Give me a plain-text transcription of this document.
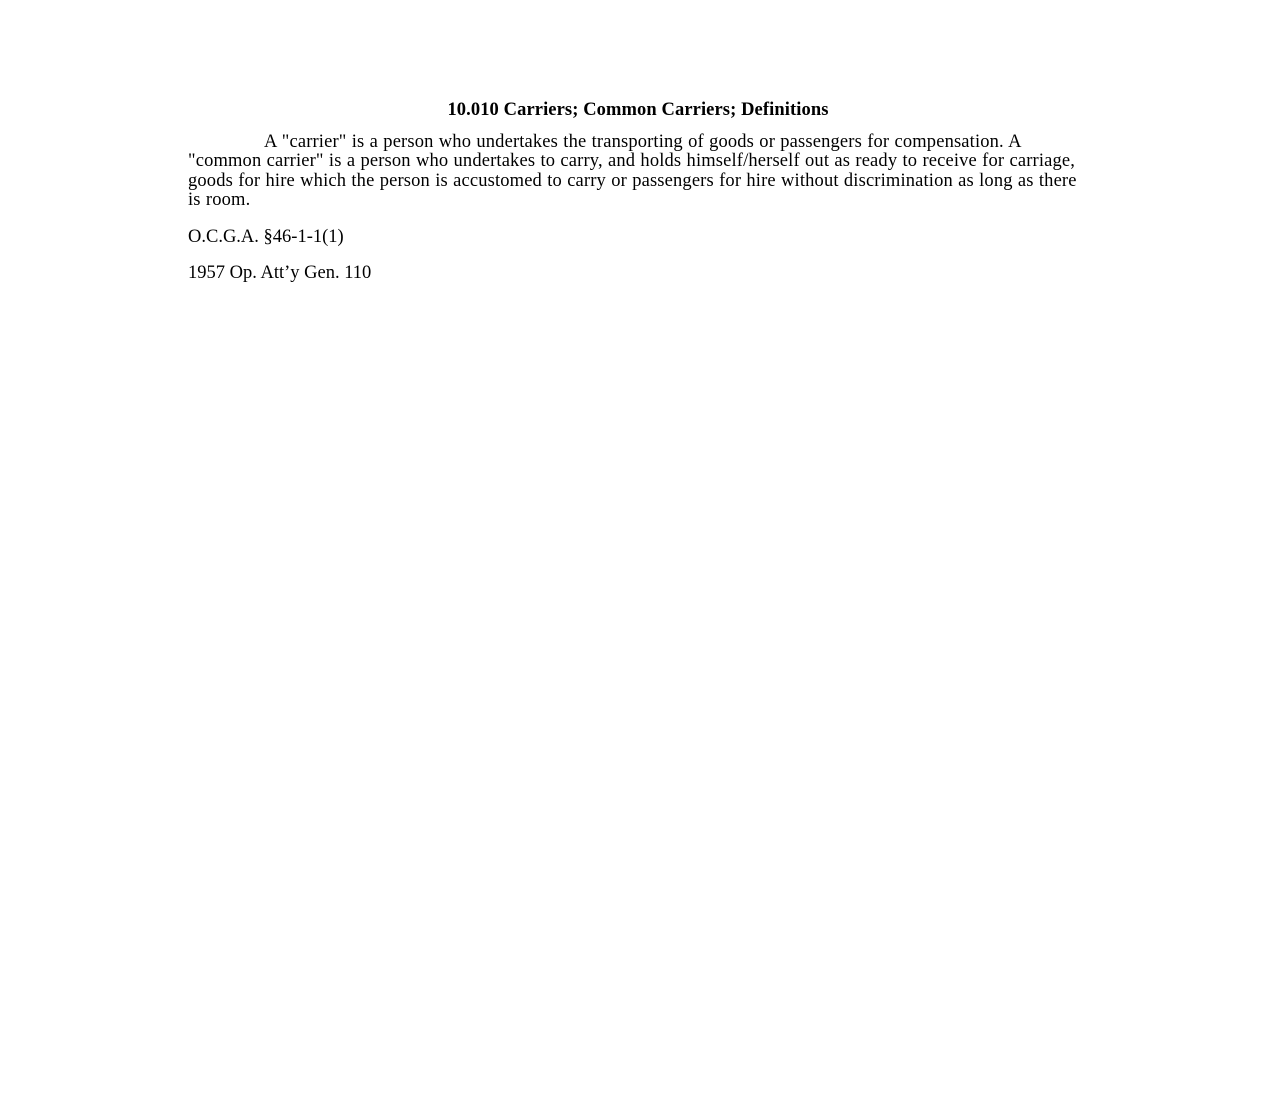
10.010 Carriers; Common Carriers; Definitions

A "carrier" is a person who undertakes the transporting of goods or passengers for compensation. A "common carrier" is a person who undertakes to carry, and holds himself/herself out as ready to receive for carriage, goods for hire which the person is accustomed to carry or passengers for hire without discrimination as long as there is room.

O.C.G.A. §46-1-1(1)

1957 Op. Att’y Gen. 110
